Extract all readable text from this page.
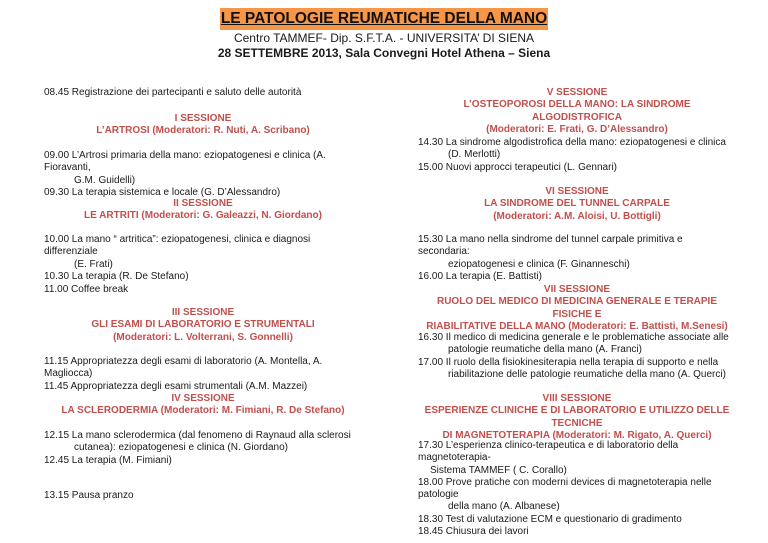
LE PATOLOGIE REUMATICHE DELLA MANO
Centro TAMMEF- Dip. S.F.T.A. - UNIVERSITA’ DI SIENA
28 SETTEMBRE 2013, Sala Convegni Hotel Athena – Siena
08.45 Registrazione dei partecipanti e saluto delle autorità
I SESSIONE
L’ARTROSI (Moderatori: R. Nuti, A. Scribano)
09.00 L’Artrosi primaria della mano: eziopatogenesi e clinica (A. Fioravanti,
G.M. Guidelli)
09.30 La terapia sistemica e locale (G. D’Alessandro)
II SESSIONE
LE ARTRITI (Moderatori: G. Galeazzi, N. Giordano)
10.00 La mano “ artritica”: eziopatogenesi, clinica e diagnosi differenziale
(E. Frati)
10.30 La terapia (R. De Stefano)
11.00 Coffee break
III SESSIONE
GLI ESAMI DI LABORATORIO E STRUMENTALI
(Moderatori: L. Volterrani, S. Gonnelli)
11.15 Appropriatezza degli esami di laboratorio (A. Montella, A. Magliocca)
11.45 Appropriatezza degli esami strumentali (A.M. Mazzei)
IV SESSIONE
LA SCLERODERMIA (Moderatori: M. Fimiani, R. De Stefano)
12.15 La mano sclerodermica (dal fenomeno di Raynaud alla sclerosi
cutanea): eziopatogenesi e clinica (N. Giordano)
12.45 La terapia (M. Fimiani)
13.15 Pausa pranzo
V SESSIONE
L’OSTEOPOROSI DELLA MANO: LA SINDROME ALGODISTROFICA
(Moderatori: E. Frati, G. D’Alessandro)
14.30 La sindrome algodistrofica della mano: eziopatogenesi e clinica
(D. Merlotti)
15.00 Nuovi approcci terapeutici (L. Gennari)
VI SESSIONE
LA SINDROME DEL TUNNEL CARPALE
(Moderatori: A.M. Aloisi, U. Bottigli)
15.30 La mano nella sindrome del tunnel carpale primitiva e secondaria:
eziopatogenesi e clinica (F. Ginanneschi)
16.00 La terapia (E. Battisti)
VII SESSIONE
RUOLO DEL MEDICO DI MEDICINA GENERALE E TERAPIE FISICHE E
RIABILITATIVE DELLA MANO (Moderatori: E. Battisti, M.Senesi)
16.30 Il medico di medicina generale e le problematiche associate alle
patologie reumatiche della mano (A. Franci)
17.00 Il ruolo della fisiokinesiterapia nella terapia di supporto e nella
riabilitazione delle patologie reumatiche della mano (A. Querci)
VIII SESSIONE
ESPERIENZE CLINICHE E DI LABORATORIO E UTILIZZO DELLE TECNICHE
DI MAGNETOTERAPIA (Moderatori: M. Rigato, A. Querci)
17.30 L’esperienza clinico-terapeutica e di laboratorio della magnetoterapia-
Sistema TAMMEF ( C. Corallo)
18.00 Prove pratiche con moderni devices di magnetoterapia nelle patologie
della mano (A. Albanese)
18.30 Test di valutazione ECM e questionario di gradimento
18.45 Chiusura dei lavori
